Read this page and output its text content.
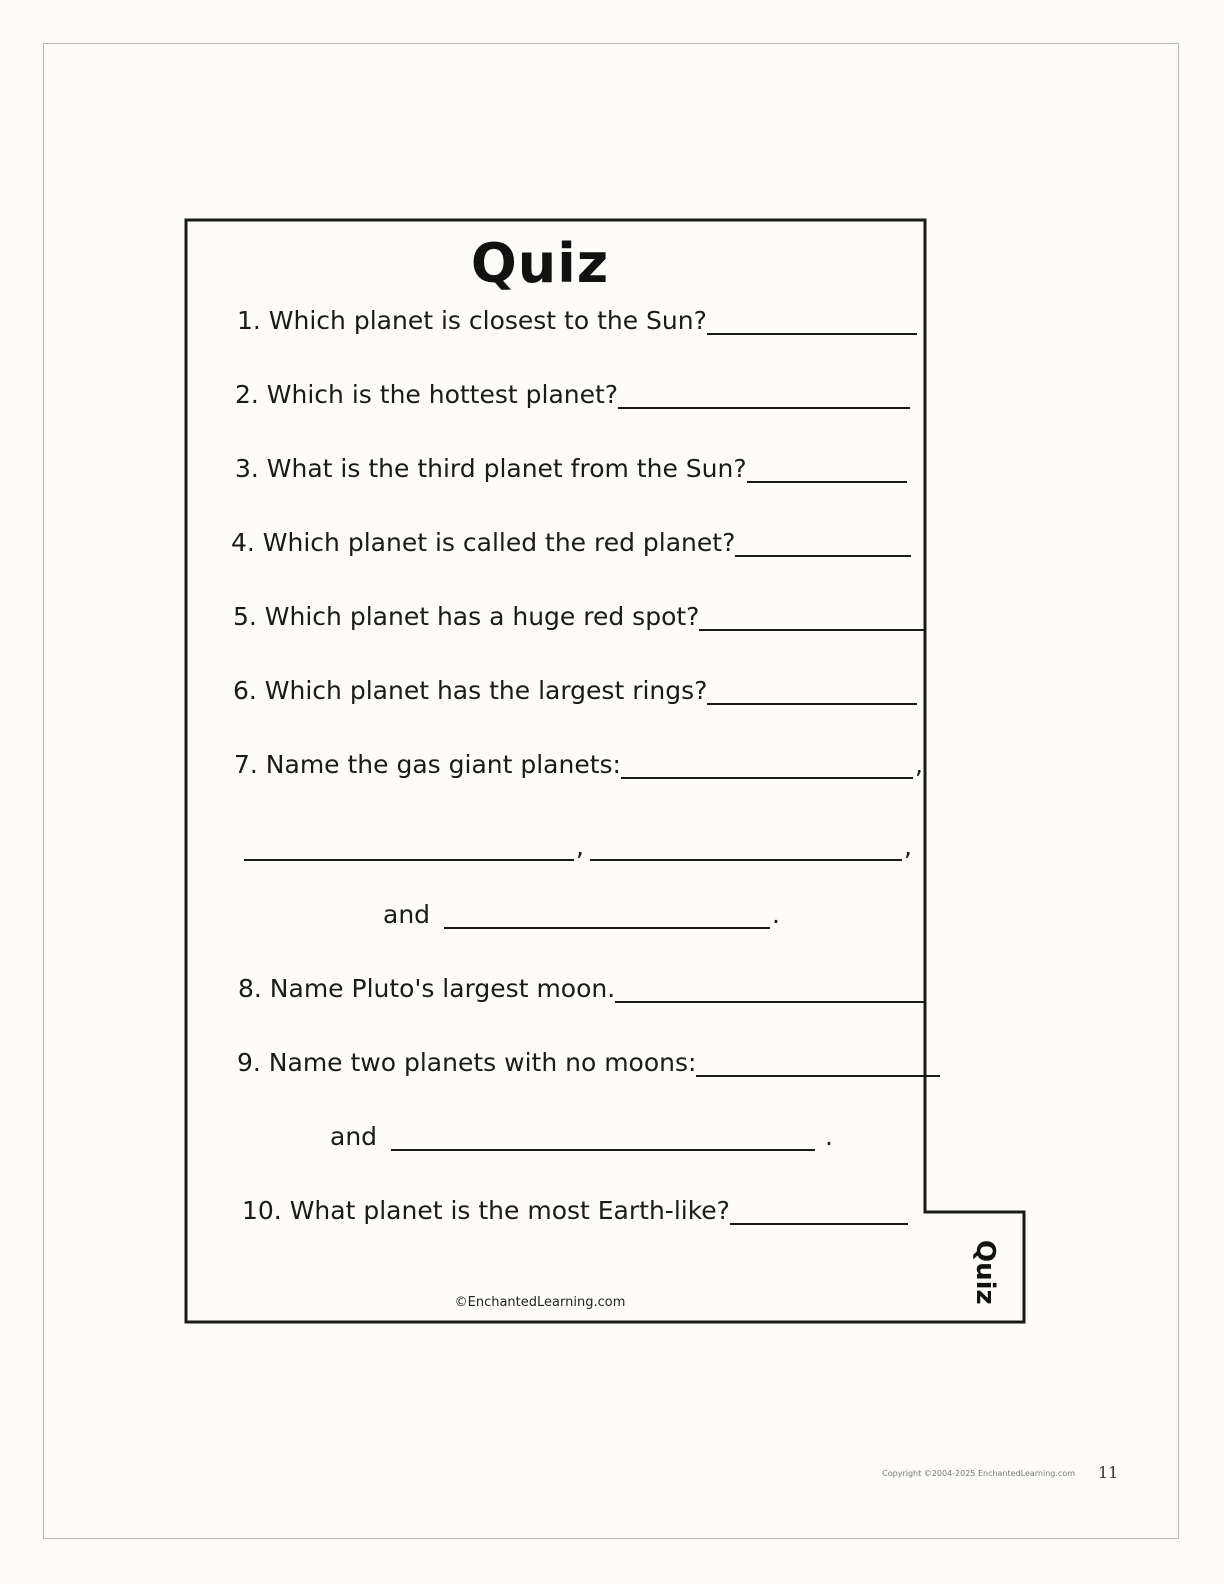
Quiz
1. Which planet is closest to the Sun?
2. Which is the hottest planet?
3. What is the third planet from the Sun?
4. Which planet is called the red planet?
5. Which planet has a huge red spot?
6. Which planet has the largest rings?
7. Name the gas giant planets:	,
,	,
and	.
8. Name Pluto's largest moon.
9. Name two planets with no moons:
and	.
10. What planet is the most Earth-like?
Quiz
©EnchantedLearning.com
Copyright ©2004-2025 EnchantedLearning.com 11
